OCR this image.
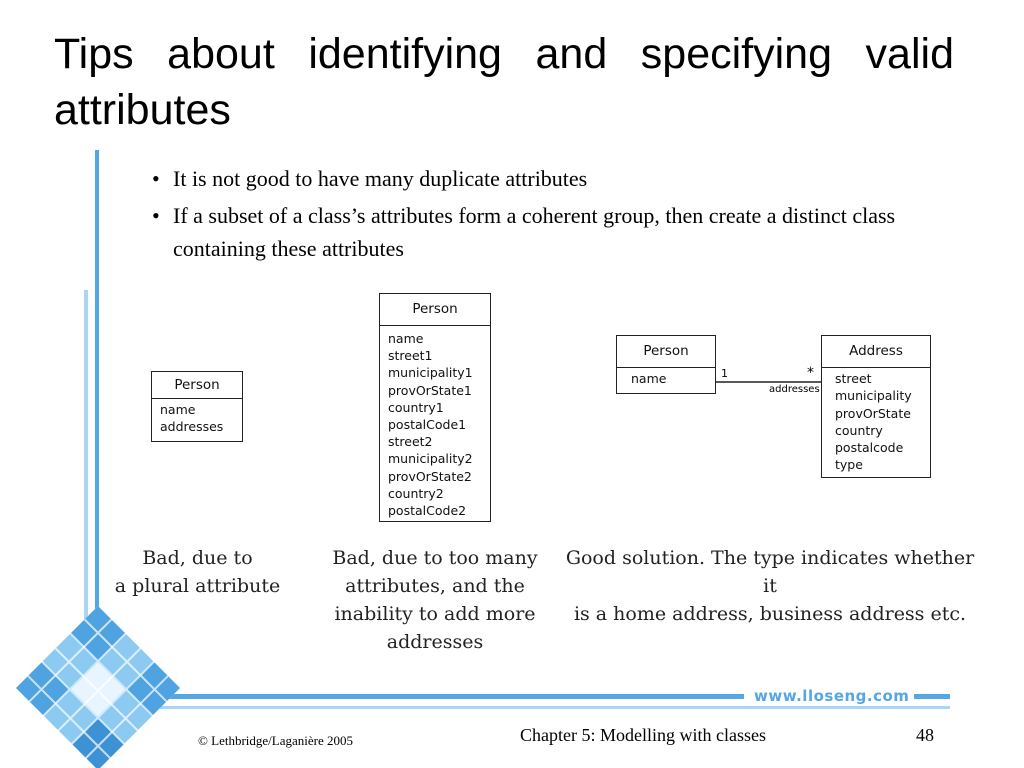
Tips about identifying and specifying valid attributes
• It is not good to have many duplicate attributes
• If a subset of a class’s attributes form a coherent group, then create a distinct class containing these attributes
Person
name
addresses
Bad, due to
a plural attribute
Person
name
street1
municipality1
provOrState1
country1
postalCode1
street2
municipality2
provOrState2
country2
postalCode2
Bad, due to too many
attributes, and the
inability to add more
addresses
Person
name
Address
street
municipality
provOrState
country
postalcode
type
1	*
addresses
Good solution. The type indicates whether it
is a home address, business address etc.
www.lloseng.com
© Lethbridge/Laganière 2005	Chapter 5: Modelling with classes	48
